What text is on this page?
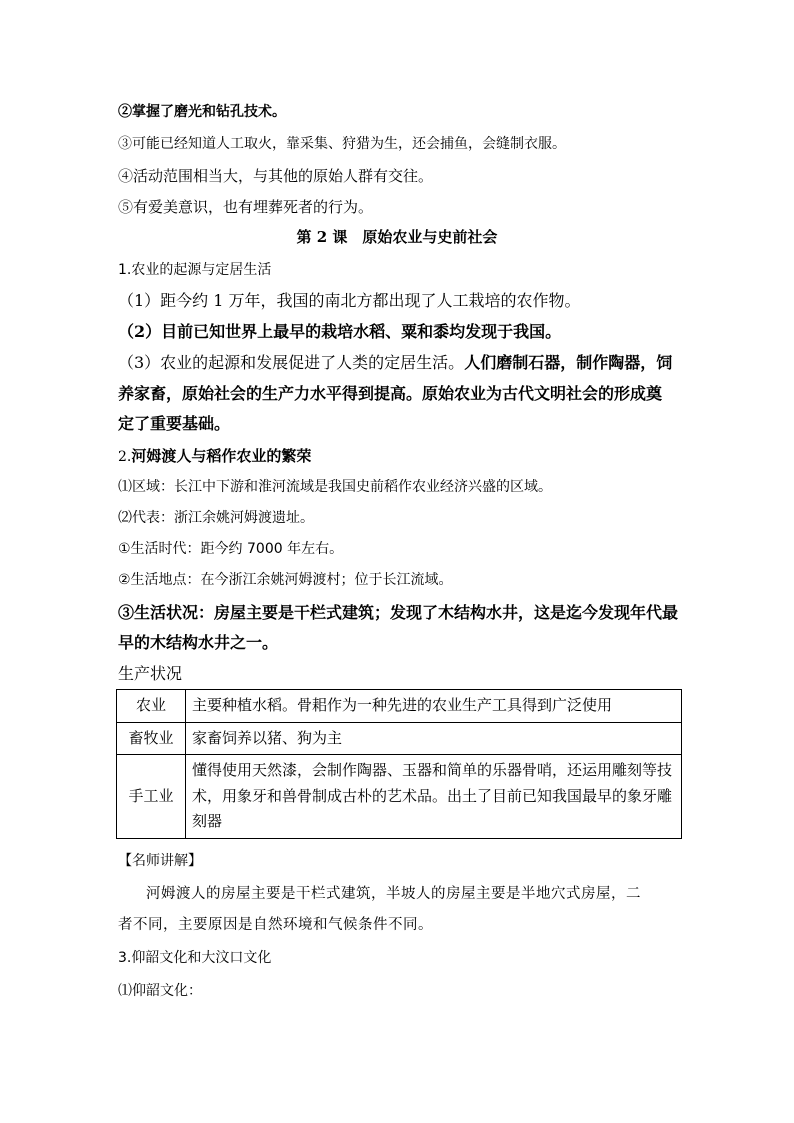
②掌握了磨光和钻孔技术。
③可能已经知道人工取火，靠采集、狩猎为生，还会捕鱼，会缝制衣服。
④活动范围相当大，与其他的原始人群有交往。
⑤有爱美意识，也有埋葬死者的行为。
第 2 课　原始农业与史前社会
1.农业的起源与定居生活
（1）距今约 1 万年，我国的南北方都出现了人工栽培的农作物。
（2）目前已知世界上最早的栽培水稻、粟和黍均发现于我国。
（3）农业的起源和发展促进了人类的定居生活。人们磨制石器，制作陶器，饲
养家畜，原始社会的生产力水平得到提高。原始农业为古代文明社会的形成奠
定了重要基础。
2.河姆渡人与稻作农业的繁荣
⑴区域：长江中下游和淮河流域是我国史前稻作农业经济兴盛的区域。
⑵代表：浙江余姚河姆渡遗址。
①生活时代：距今约 7000 年左右。
②生活地点：在今浙江余姚河姆渡村；位于长江流域。
③生活状况：房屋主要是干栏式建筑；发现了木结构水井，这是迄今发现年代最
早的木结构水井之一。
生产状况
农业	主要种植水稻。骨耜作为一种先进的农业生产工具得到广泛使用
畜牧业	家畜饲养以猪、狗为主
手工业	懂得使用天然漆，会制作陶器、玉器和简单的乐器骨哨，还运用雕刻等技术，用象牙和兽骨制成古朴的艺术品。出土了目前已知我国最早的象牙雕刻器
【名师讲解】
河姆渡人的房屋主要是干栏式建筑，半坡人的房屋主要是半地穴式房屋，二
者不同，主要原因是自然环境和气候条件不同。
3.仰韶文化和大汶口文化
⑴仰韶文化：
